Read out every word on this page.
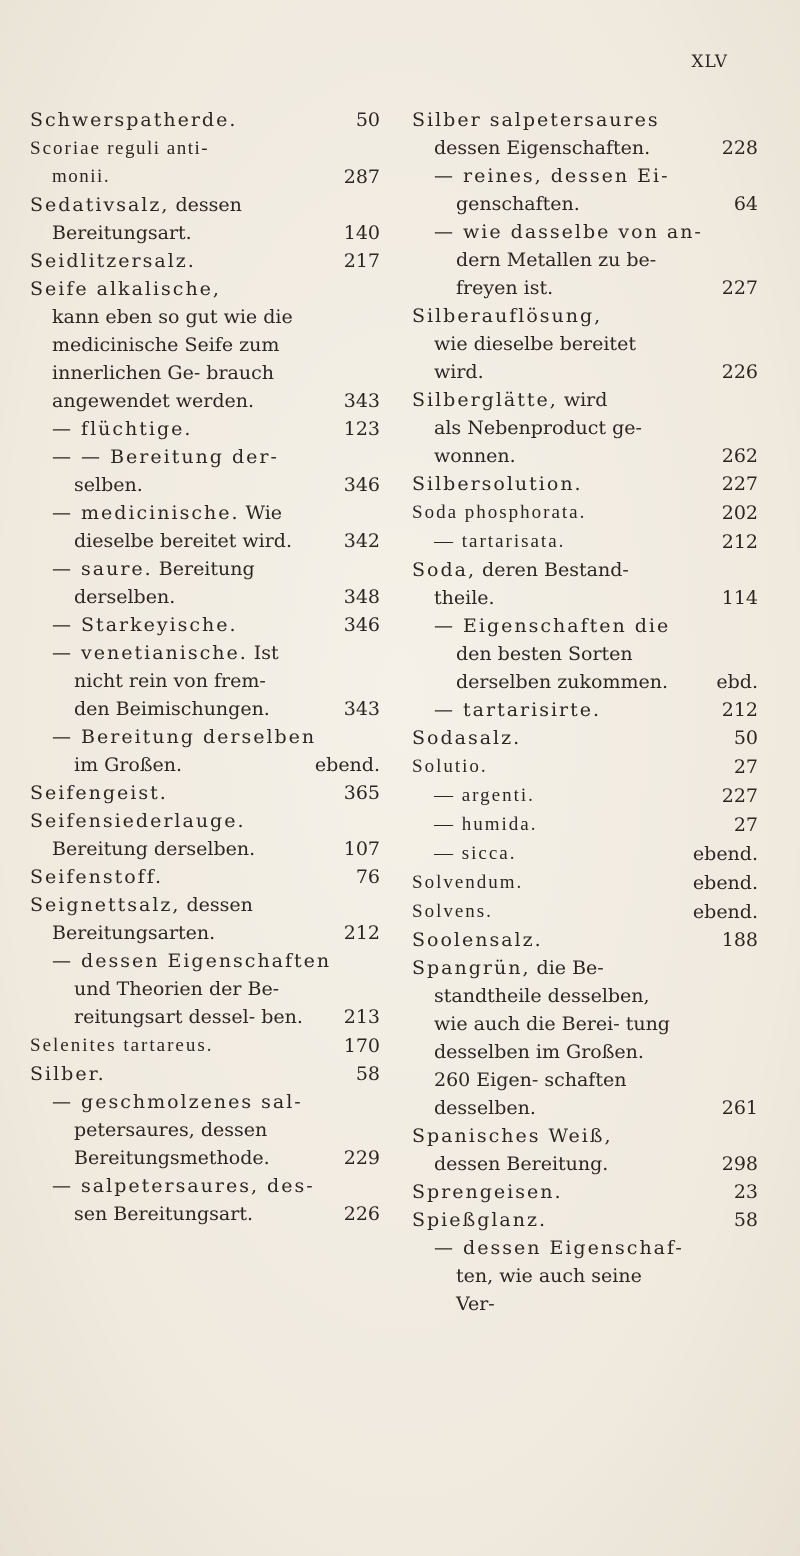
XLV
Schwerspatherde.	50
Scoriae reguli anti-
monii.	287
Sedativsalz, dessen
Bereitungsart.	140
Seidlitzersalz.	217
Seife alkalische,
kann eben so gut wie die medicinische Seife zum innerlichen Ge- brauch angewendet werden.	343
— flüchtige.	123
— — Bereitung der-
selben.	346
— medicinische. Wie
dieselbe bereitet wird.	342
— saure. Bereitung
derselben.	348
— Starkeyische.	346
— venetianische. Ist
nicht rein von frem- den Beimischungen.	343
— Bereitung derselben
im Großen.	ebend.
Seifengeist.	365
Seifensiederlauge.
Bereitung derselben.	107
Seifenstoff.	76
Seignettsalz, dessen
Bereitungsarten.	212
— dessen Eigenschaften
und Theorien der Be- reitungsart dessel- ben.	213
Selenites tartareus.	170
Silber.	58
— geschmolzenes sal-
petersaures, dessen Bereitungsmethode.	229
— salpetersaures, des-
sen Bereitungsart.	226
Silber salpetersaures
dessen Eigenschaften.	228
— reines, dessen Ei-
genschaften.	64
— wie dasselbe von an-
dern Metallen zu be- freyen ist.	227
Silberauflösung,
wie dieselbe bereitet wird.	226
Silberglätte, wird
als Nebenproduct ge- wonnen.	262
Silbersolution.	227
Soda phosphorata.	202
— tartarisata.	212
Soda, deren Bestand-
theile.	114
— Eigenschaften die
den besten Sorten derselben zukommen.	ebd.
— tartarisirte.	212
Sodasalz.	50
Solutio.	27
— argenti.	227
— humida.	27
— sicca.	ebend.
Solvendum.	ebend.
Solvens.	ebend.
Soolensalz.	188
Spangrün, die Be-
standtheile desselben, wie auch die Berei- tung desselben im Großen. 260 Eigen- schaften desselben.	261
Spanisches Weiß,
dessen Bereitung.	298
Sprengeisen.	23
Spießglanz.	58
— dessen Eigenschaf-
ten, wie auch seine Ver-
